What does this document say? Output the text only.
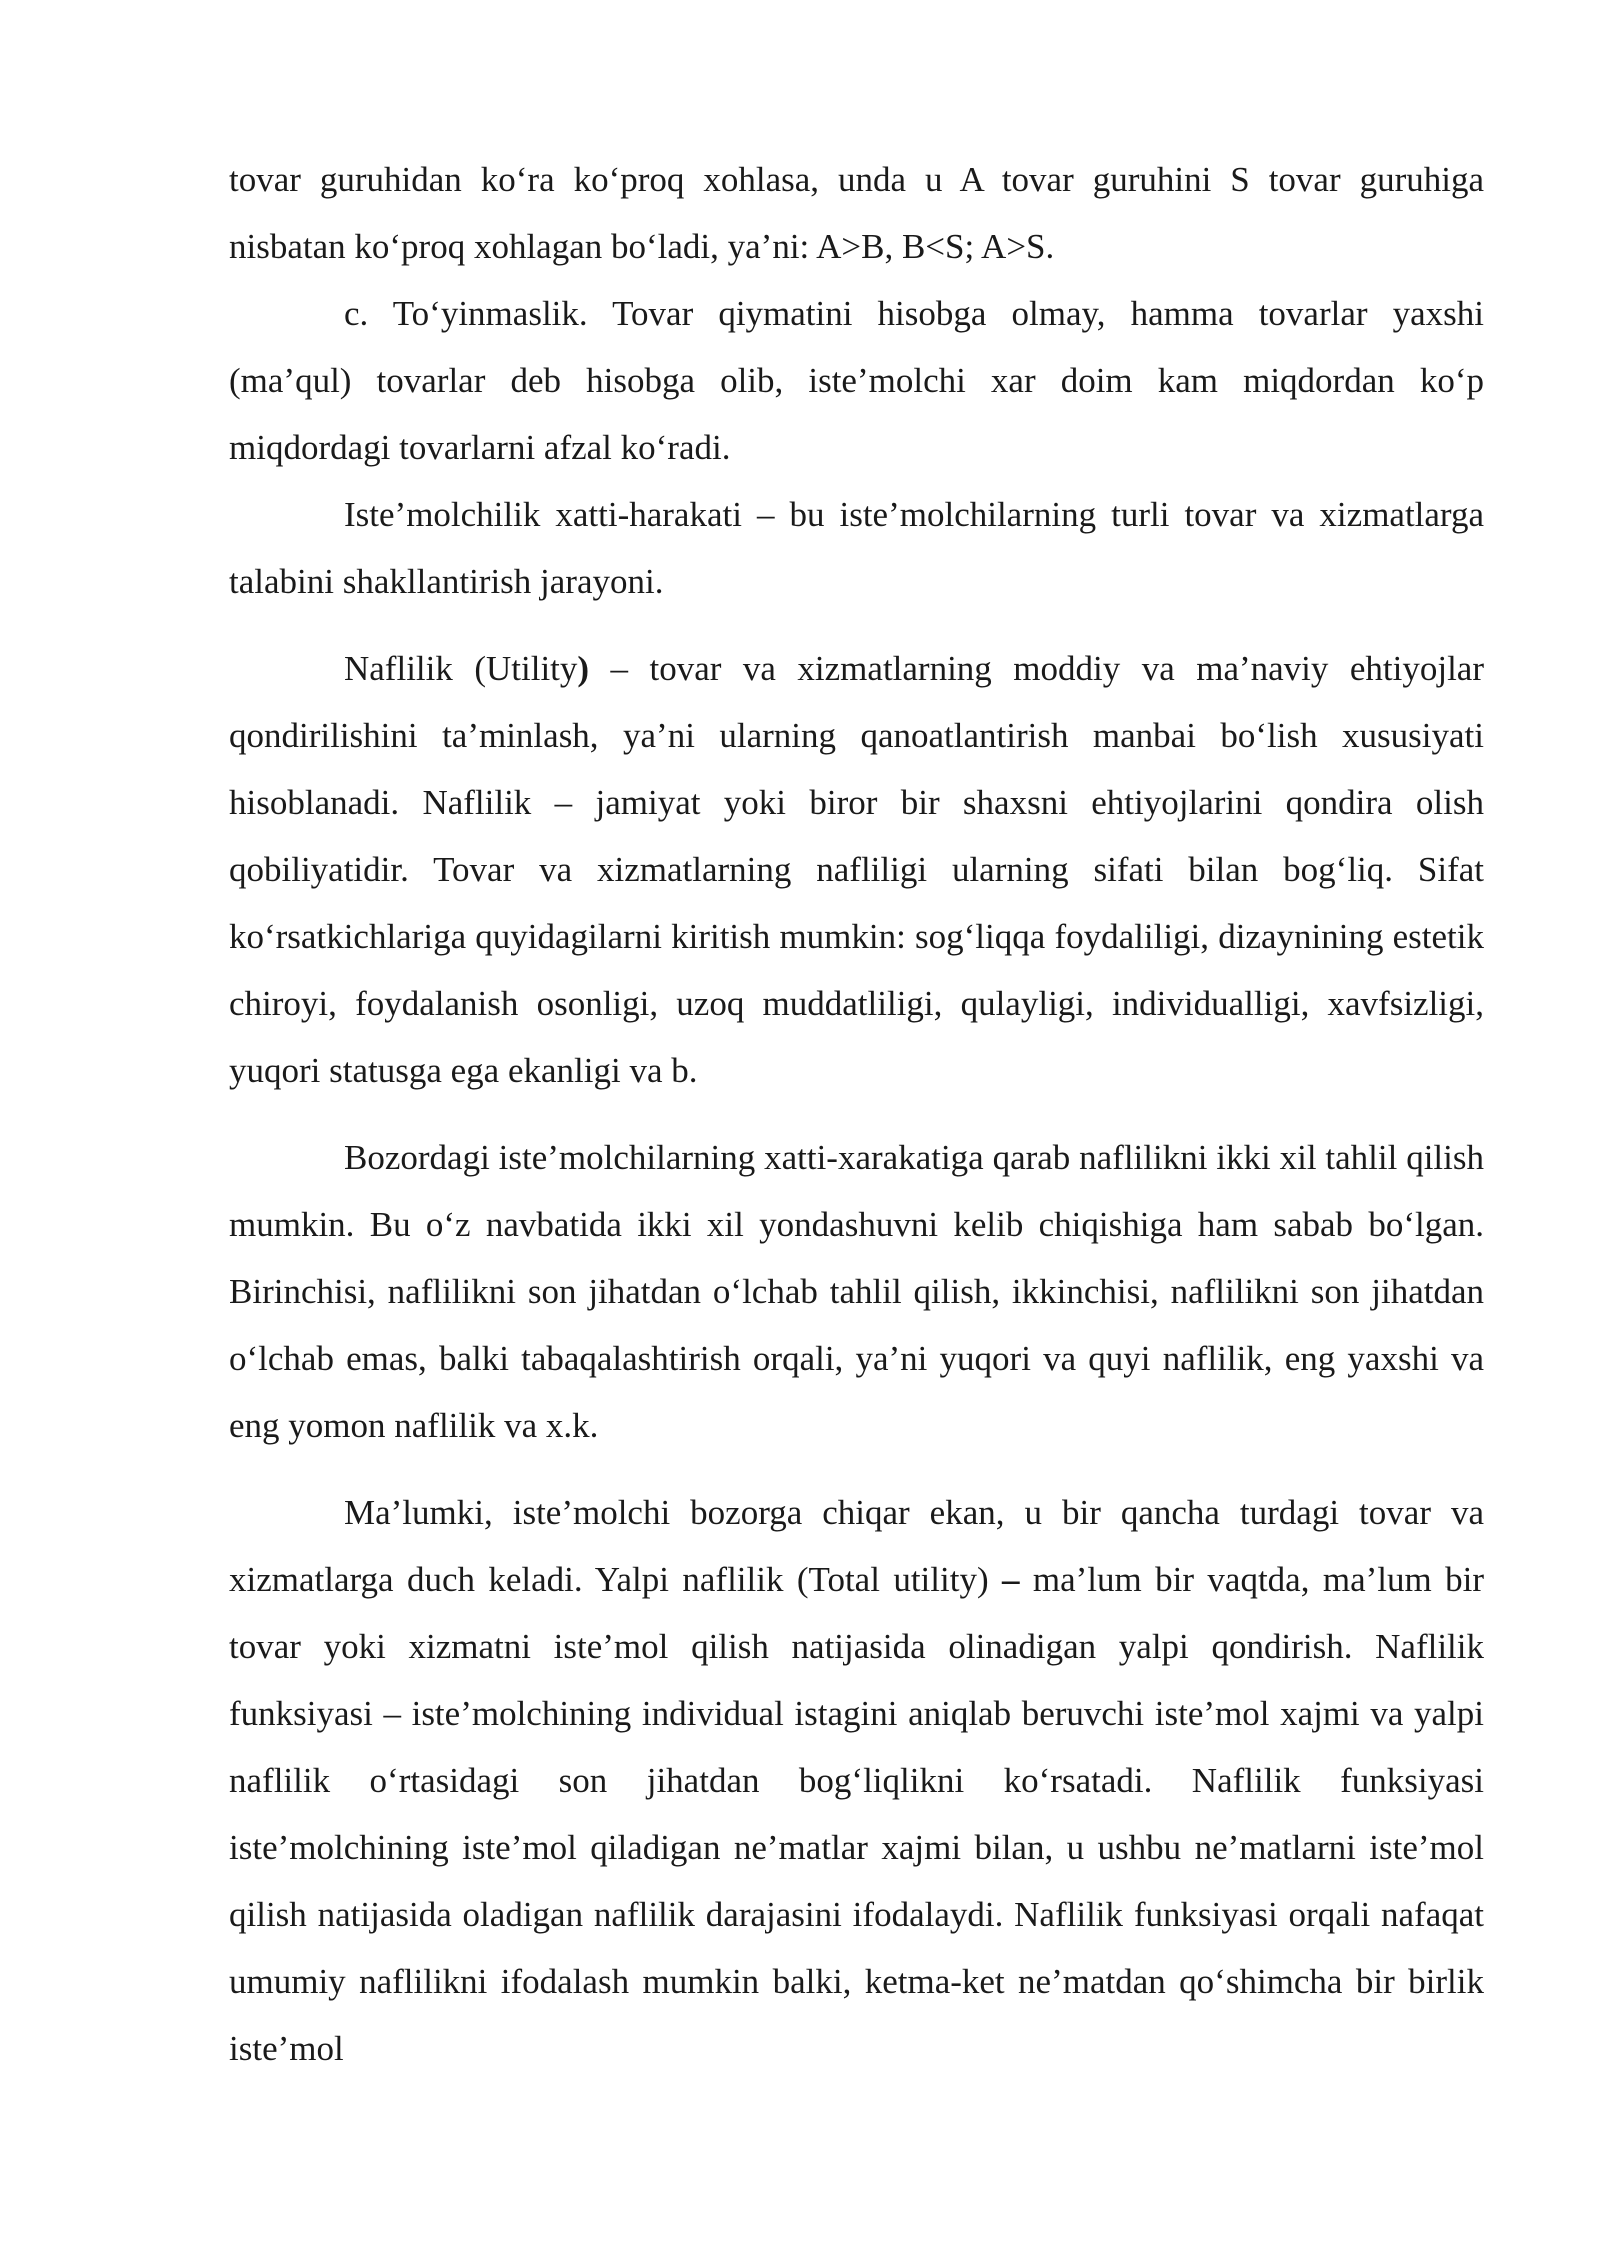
tovar guruhidan ko‘ra ko‘proq xohlasa, unda u A tovar guruhini S tovar guruhiga nisbatan ko‘proq xohlagan bo‘ladi, ya’ni: A>B, B<S; A>S.

c. To‘yinmaslik. Tovar qiymatini hisobga olmay, hamma tovarlar yaxshi (ma’qul) tovarlar deb hisobga olib, iste’molchi xar doim kam miqdordan ko‘p miqdordagi tovarlarni afzal ko‘radi.

Iste’molchilik xatti-harakati – bu iste’molchilarning turli tovar va xizmatlarga talabini shakllantirish jarayoni.

Naflilik (Utility) – tovar va xizmatlarning moddiy va ma’naviy ehtiyojlar qondirilishini ta’minlash, ya’ni ularning qanoatlantirish manbai bo‘lish xususiyati hisoblanadi. Naflilik – jamiyat yoki biror bir shaxsni ehtiyojlarini qondira olish qobiliyatidir. Tovar va xizmatlarning nafliligi ularning sifati bilan bog‘liq. Sifat ko‘rsatkichlariga quyidagilarni kiritish mumkin: sog‘liqqa foydaliligi, dizaynining estetik chiroyi, foydalanish osonligi, uzoq muddatliligi, qulayligi, individualligi, xavfsizligi, yuqori statusga ega ekanligi va b.

Bozordagi iste’molchilarning xatti-xarakatiga qarab naflilikni ikki xil tahlil qilish mumkin. Bu o‘z navbatida ikki xil yondashuvni kelib chiqishiga ham sabab bo‘lgan. Birinchisi, naflilikni son jihatdan o‘lchab tahlil qilish, ikkinchisi, naflilikni son jihatdan o‘lchab emas, balki tabaqalashtirish orqali, ya’ni yuqori va quyi naflilik, eng yaxshi va eng yomon naflilik va x.k.

Ma’lumki, iste’molchi bozorga chiqar ekan, u bir qancha turdagi tovar va xizmatlarga duch keladi. Yalpi naflilik (Total utility) – ma’lum bir vaqtda, ma’lum bir tovar yoki xizmatni iste’mol qilish natijasida olinadigan yalpi qondirish. Naflilik funksiyasi – iste’molchining individual istagini aniqlab beruvchi iste’mol xajmi va yalpi naflilik o‘rtasidagi son jihatdan bog‘liqlikni ko‘rsatadi. Naflilik funksiyasi iste’molchining iste’mol qiladigan ne’matlar xajmi bilan, u ushbu ne’matlarni iste’mol qilish natijasida oladigan naflilik darajasini ifodalaydi. Naflilik funksiyasi orqali nafaqat umumiy naflilikni ifodalash mumkin balki, ketma-ket ne’matdan qo‘shimcha bir birlik iste’mol
